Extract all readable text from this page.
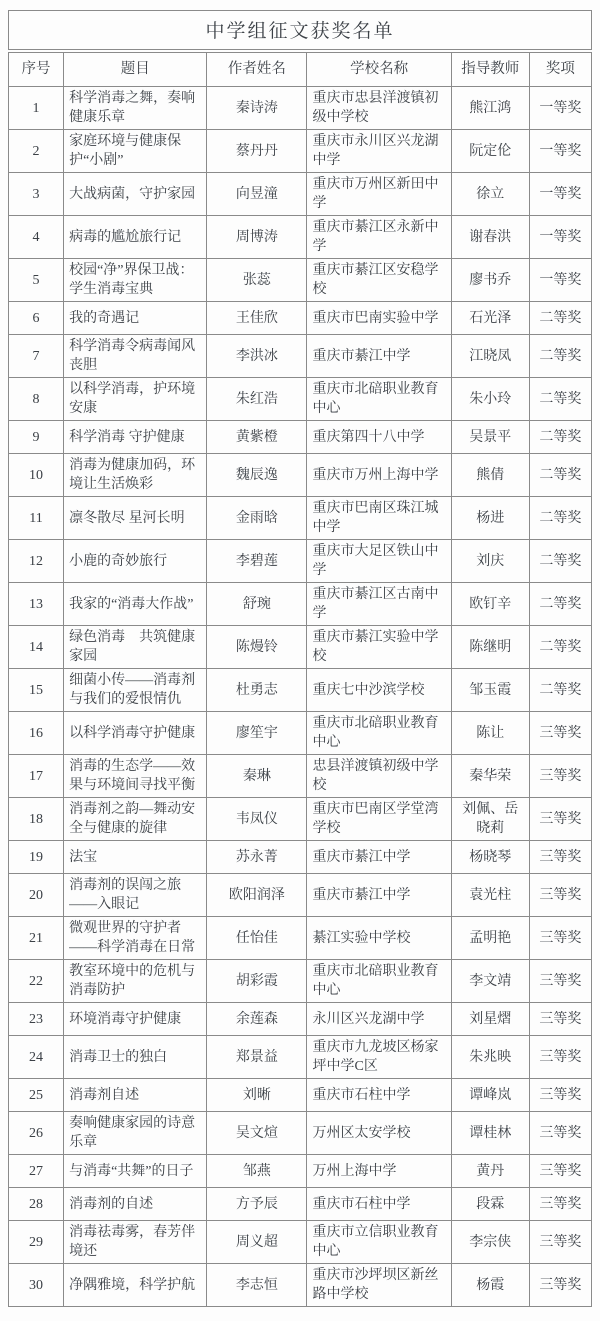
中学组征文获奖名单
序号	题目	作者姓名	学校名称	指导教师	奖项
1	科学消毒之舞，奏响健康乐章	秦诗涛	重庆市忠县洋渡镇初级中学校	熊江鸿	一等奖
2	家庭环境与健康保护“小剧”	蔡丹丹	重庆市永川区兴龙湖中学	阮定伦	一等奖
3	大战病菌，守护家园	向昱潼	重庆市万州区新田中学	徐立	一等奖
4	病毒的尴尬旅行记	周博涛	重庆市綦江区永新中学	谢春洪	一等奖
5	校园“净”界保卫战：学生消毒宝典	张蕊	重庆市綦江区安稳学校	廖书乔	一等奖
6	我的奇遇记	王佳欣	重庆市巴南实验中学	石光泽	二等奖
7	科学消毒令病毒闻风丧胆	李洪冰	重庆市綦江中学	江晓凤	二等奖
8	以科学消毒，护环境安康	朱红浩	重庆市北碚职业教育中心	朱小玲	二等奖
9	科学消毒 守护健康	黄紫橙	重庆第四十八中学	吴景平	二等奖
10	消毒为健康加码，环境让生活焕彩	魏辰逸	重庆市万州上海中学	熊倩	二等奖
11	凛冬散尽 星河长明	金雨晗	重庆市巴南区珠江城中学	杨进	二等奖
12	小鹿的奇妙旅行	李碧莲	重庆市大足区铁山中学	刘庆	二等奖
13	我家的“消毒大作战”	舒琬	重庆市綦江区古南中学	欧钉辛	二等奖
14	绿色消毒　共筑健康家园	陈熳铃	重庆市綦江实验中学校	陈继明	二等奖
15	细菌小传——消毒剂与我们的爱恨情仇	杜勇志	重庆七中沙滨学校	邹玉霞	二等奖
16	以科学消毒守护健康	廖笙宇	重庆市北碚职业教育中心	陈让	三等奖
17	消毒的生态学——效果与环境间寻找平衡	秦琳	忠县洋渡镇初级中学校	秦华荣	三等奖
18	消毒剂之韵—舞动安全与健康的旋律	韦凤仪	重庆市巴南区学堂湾学校	刘佩、岳晓莉	三等奖
19	法宝	苏永菁	重庆市綦江中学	杨晓琴	三等奖
20	消毒剂的误闯之旅——入眼记	欧阳润泽	重庆市綦江中学	袁光柱	三等奖
21	微观世界的守护者——科学消毒在日常	任怡佳	綦江实验中学校	孟明艳	三等奖
22	教室环境中的危机与消毒防护	胡彩霞	重庆市北碚职业教育中心	李文靖	三等奖
23	环境消毒守护健康	余莲森	永川区兴龙湖中学	刘星熠	三等奖
24	消毒卫士的独白	郑景益	重庆市九龙坡区杨家坪中学C区	朱兆映	三等奖
25	消毒剂自述	刘晰	重庆市石柱中学	谭峰岚	三等奖
26	奏响健康家园的诗意乐章	吴文煊	万州区太安学校	谭桂林	三等奖
27	与消毒“共舞”的日子	邹燕	万州上海中学	黄丹	三等奖
28	消毒剂的自述	方予辰	重庆市石柱中学	段霖	三等奖
29	消毒祛毒雾，春芳伴境还	周义超	重庆市立信职业教育中心	李宗侠	三等奖
30	净隅雅境，科学护航	李志恒	重庆市沙坪坝区新丝路中学校	杨霞	三等奖
